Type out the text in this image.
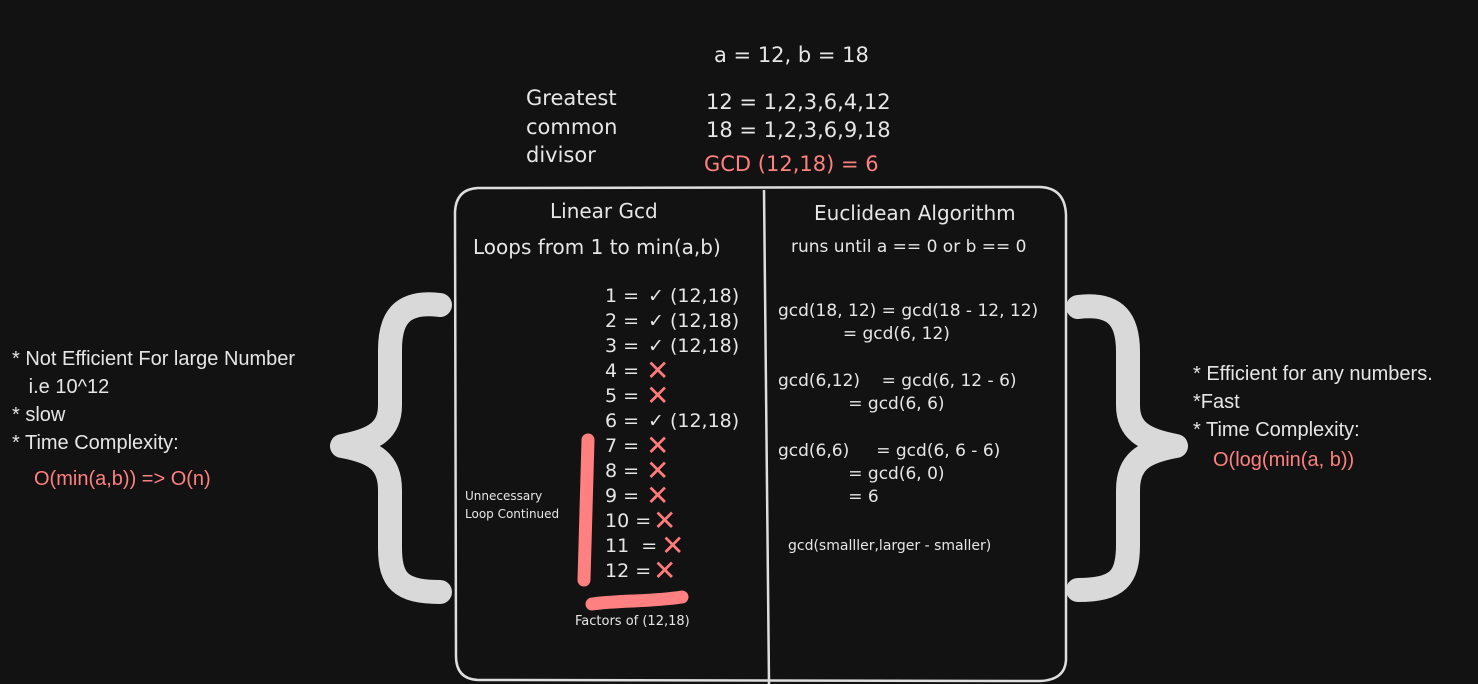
a = 12, b = 18
Greatest
common
divisor
12 = 1,2,3,6,4,12
18 = 1,2,3,6,9,18
GCD (12,18) = 6
Linear Gcd
Loops from 1 to min(a,b)
1 = ✓ (12,18)
2 = ✓ (12,18)
3 = ✓ (12,18)
4 = ✕
5 = ✕
6 = ✓ (12,18)
7 = ✕
8 = ✕
9 = ✕
10 = ✕
11  = ✕
12 = ✕
Unnecessary
Loop Continued
Factors of (12,18)
Euclidean Algorithm
runs until a == 0 or b == 0
gcd(18, 12) = gcd(18 - 12, 12)
= gcd(6, 12)
gcd(6,12)    = gcd(6, 12 - 6)
= gcd(6, 6)
gcd(6,6)     = gcd(6, 6 - 6)
= gcd(6, 0)
= 6
gcd(smalller,larger - smaller)
* Not Efficient For large Number
i.e 10^12
* slow
* Time Complexity:
O(min(a,b)) => O(n)
* Efficient for any numbers.
*Fast
* Time Complexity:
O(log(min(a, b))
